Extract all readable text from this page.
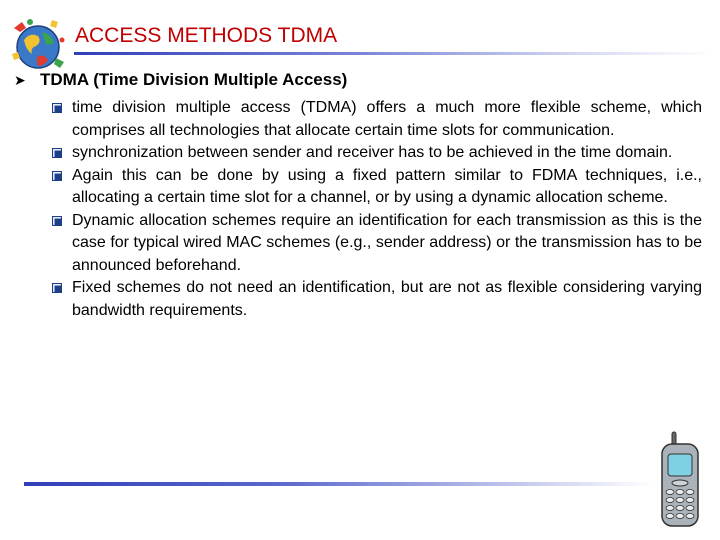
ACCESS METHODS TDMA
➤ TDMA (Time Division Multiple Access)
time division multiple access (TDMA) offers a much more flexible scheme, which comprises all technologies that allocate certain time slots for communication.
synchronization between sender and receiver has to be achieved in the time domain.
Again this can be done by using a fixed pattern similar to FDMA techniques, i.e., allocating a certain time slot for a channel, or by using a dynamic allocation scheme.
Dynamic allocation schemes require an identification for each transmission as this is the case for typical wired MAC schemes (e.g., sender address) or the transmission has to be announced beforehand.
Fixed schemes do not need an identification, but are not as flexible considering varying bandwidth requirements.
